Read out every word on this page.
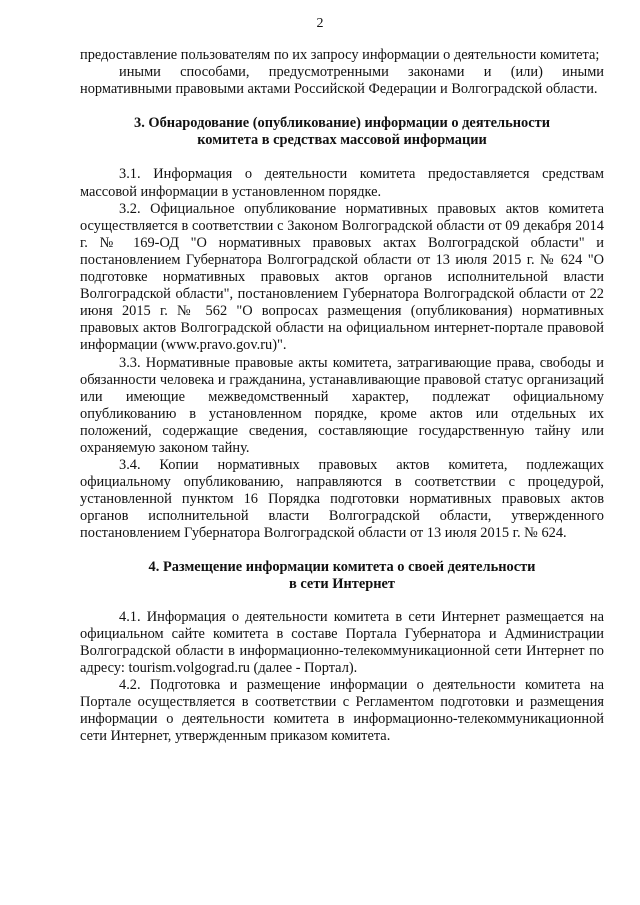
2

предоставление пользователям по их запросу информации о деятельности комитета;

иными способами, предусмотренными законами и (или) иными нормативными правовыми актами Российской Федерации и Волгоградской области.

3. Обнародование (опубликование) информации о деятельности
комитета в средствах массовой информации

3.1. Информация о деятельности комитета предоставляется средствам массовой информации в установленном порядке.

3.2. Официальное опубликование нормативных правовых актов комитета осуществляется в соответствии с Законом Волгоградской области от 09 декабря 2014 г. № 169-ОД "О нормативных правовых актах Волгоградской области" и постановлением Губернатора Волгоградской области от 13 июля 2015 г. № 624 "О подготовке нормативных правовых актов органов исполнительной власти Волгоградской области", постановлением Губернатора Волгоградской области от 22 июня 2015 г. № 562 "О вопросах размещения (опубликования) нормативных правовых актов Волгоградской области на официальном интернет-портале правовой информации (www.pravo.gov.ru)".

3.3. Нормативные правовые акты комитета, затрагивающие права, свободы и обязанности человека и гражданина, устанавливающие правовой статус организаций или имеющие межведомственный характер, подлежат официальному опубликованию в установленном порядке, кроме актов или отдельных их положений, содержащие сведения, составляющие государственную тайну или охраняемую законом тайну.

3.4. Копии нормативных правовых актов комитета, подлежащих официальному опубликованию, направляются в соответствии с процедурой, установленной пунктом 16 Порядка подготовки нормативных правовых актов органов исполнительной власти Волгоградской области, утвержденного постановлением Губернатора Волгоградской области от 13 июля 2015 г. № 624.

4. Размещение информации комитета о своей деятельности
в сети Интернет

4.1. Информация о деятельности комитета в сети Интернет размещается на официальном сайте комитета в составе Портала Губернатора и Администрации Волгоградской области в информационно-телекоммуникационной сети Интернет по адресу: tourism.volgograd.ru (далее - Портал).

4.2. Подготовка и размещение информации о деятельности комитета на Портале осуществляется в соответствии с Регламентом подготовки и размещения информации о деятельности комитета в информационно-телекоммуникационной сети Интернет, утвержденным приказом комитета.
